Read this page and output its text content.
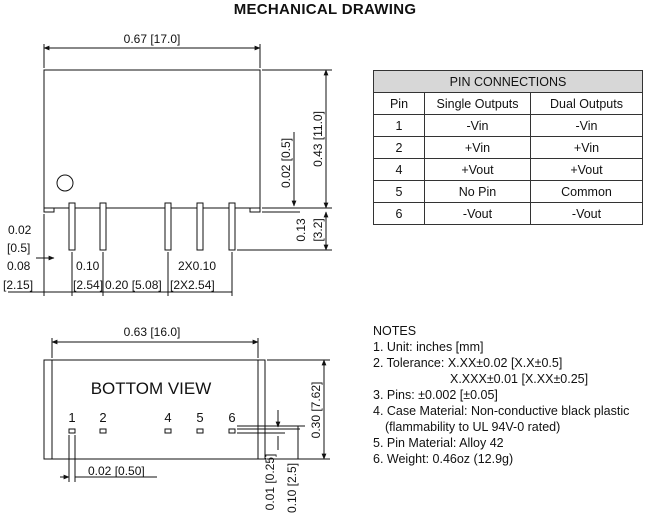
MECHANICAL DRAWING
0.67 [17.0]
0.43 [11.0]
0.02 [0.5]
0.13 [3.2]
0.02
[0.5]
0.08
[2.15]
0.10
[2.54] 0.20 [5.08]
2X0.10
[2X2.54]
BOTTOM VIEW
1 2	4 5 6
0.63 [16.0]
0.30 [7.62]
0.02 [0.50]	0.01 [0.25] 0.10 [2.5]
PIN CONNECTIONS		
Pin	Single Outputs	Dual Outputs
1	-Vin	-Vin
2	+Vin	+Vin
4	+Vout	+Vout
5	No Pin	Common
6	-Vout	-Vout
NOTES
1. Unit: inches [mm]
2. Tolerance: X.XX±0.02 [X.X±0.5]
X.XXX±0.01 [X.XX±0.25]
3. Pins: ±0.002 [±0.05]
4. Case Material: Non-conductive black plastic
(flammability to UL 94V-0 rated)
5. Pin Material: Alloy 42
6. Weight: 0.46oz (12.9g)
